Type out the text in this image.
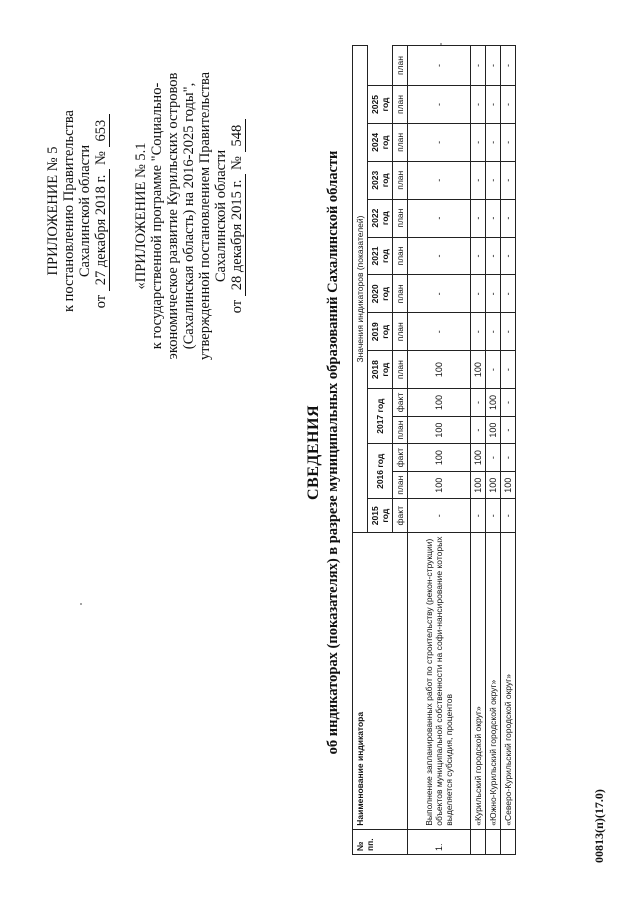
ПРИЛОЖЕНИЕ № 5 к постановлению Правительства Сахалинской области
от 27 декабря 2018 г. № 653
«ПРИЛОЖЕНИЕ № 5.1 к государственной программе "Социально- экономическое развитие Курильских островов (Сахалинская область) на 2016-2025 годы", утвержденной постановлением Правительства Сахалинской области
от 28 декабря 2015 г. № 548
СВЕДЕНИЯ об индикаторах (показателях) в разрезе муниципальных образований Сахалинской области
№ пп.	Наименование индикатора	Значения индикаторов (показателей)													
		2015 год	2016 год		2017 год		2018 год	2019 год	2020 год	2021 год	2022 год	2023 год	2024 год	2025 год	
		факт	план	факт	план	факт	план	план	план	план	план	план	план	план	план
1.	Выполнение запланированных работ по строительству (рекон-струкции) объектов муниципальной собственности на софи-нансирование которых выделяется субсидия, процентов	-	100	100	100	100	100	-	-	-	-	-	-	-	-
	«Курильский городской округ»	-	100	100	-	-	100	-	-	-	-	-	-	-	-
	«Южно-Курильский городской округ»	-	100	-	100	100	-	-	-	-	-	-	-	-	-
	«Северо-Курильский городской округ»	-	100	-	-	-	-	-	-	-	-	-	-	-	-
00813(п)(17.0)
